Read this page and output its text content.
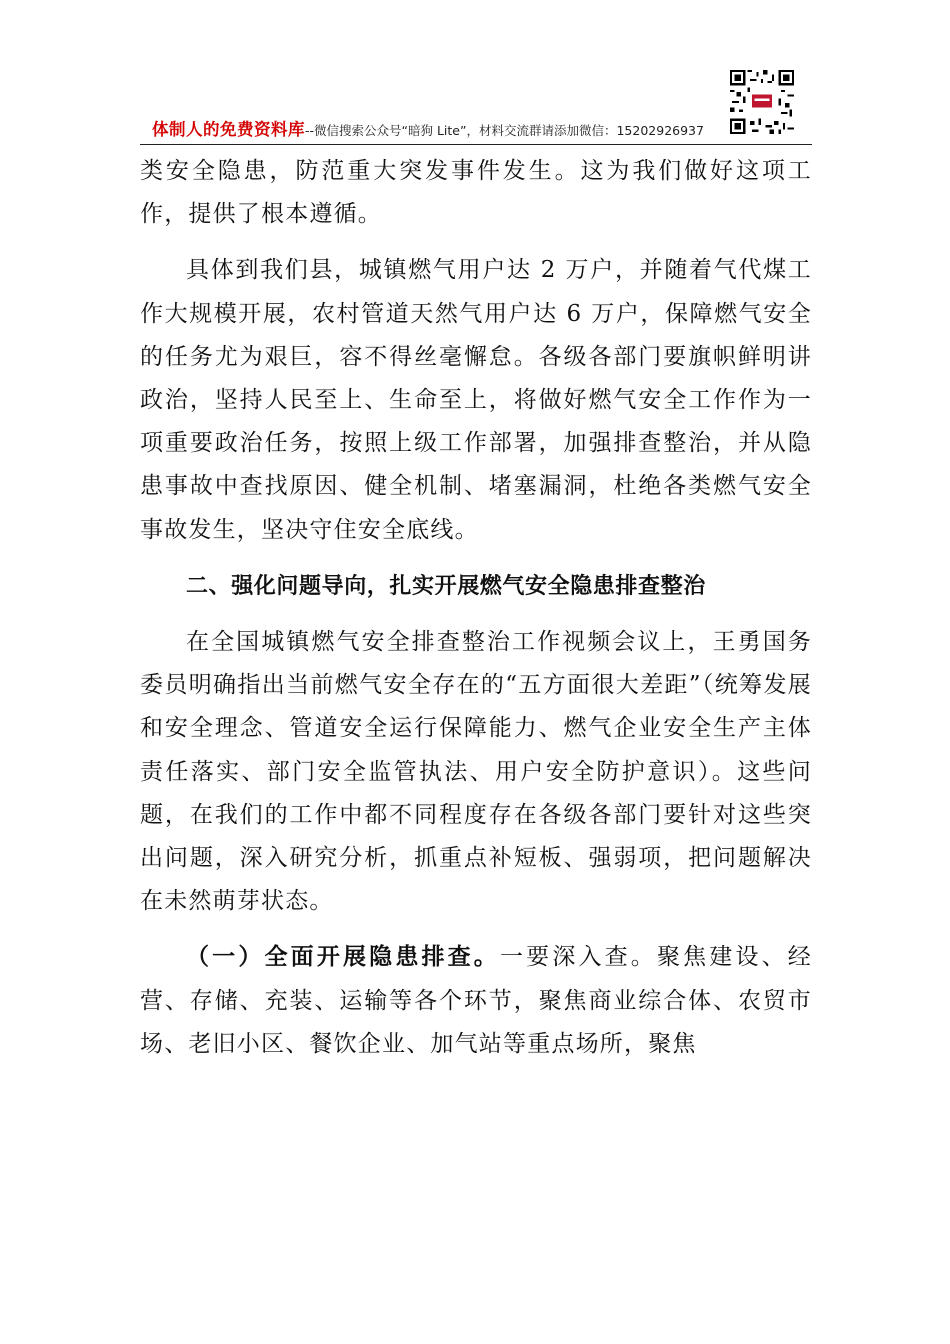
体制人的免费资料库--微信搜索公众号“暗狗 Lite”，材料交流群请添加微信：15202926937

类安全隐患，防范重大突发事件发生。这为我们做好这项工作，提供了根本遵循。

具体到我们县，城镇燃气用户达 2 万户，并随着气代煤工作大规模开展，农村管道天然气用户达 6 万户，保障燃气安全的任务尤为艰巨，容不得丝毫懈怠。各级各部门要旗帜鲜明讲政治，坚持人民至上、生命至上，将做好燃气安全工作作为一项重要政治任务，按照上级工作部署，加强排查整治，并从隐患事故中查找原因、健全机制、堵塞漏洞，杜绝各类燃气安全事故发生，坚决守住安全底线。

二、强化问题导向，扎实开展燃气安全隐患排查整治

在全国城镇燃气安全排查整治工作视频会议上，王勇国务委员明确指出当前燃气安全存在的“五方面很大差距”（统筹发展和安全理念、管道安全运行保障能力、燃气企业安全生产主体责任落实、部门安全监管执法、用户安全防护意识）。这些问题，在我们的工作中都不同程度存在各级各部门要针对这些突出问题，深入研究分析，抓重点补短板、强弱项，把问题解决在未然萌芽状态。

（一）全面开展隐患排查。一要深入查。聚焦建设、经营、存储、充装、运输等各个环节，聚焦商业综合体、农贸市场、老旧小区、餐饮企业、加气站等重点场所，聚焦
